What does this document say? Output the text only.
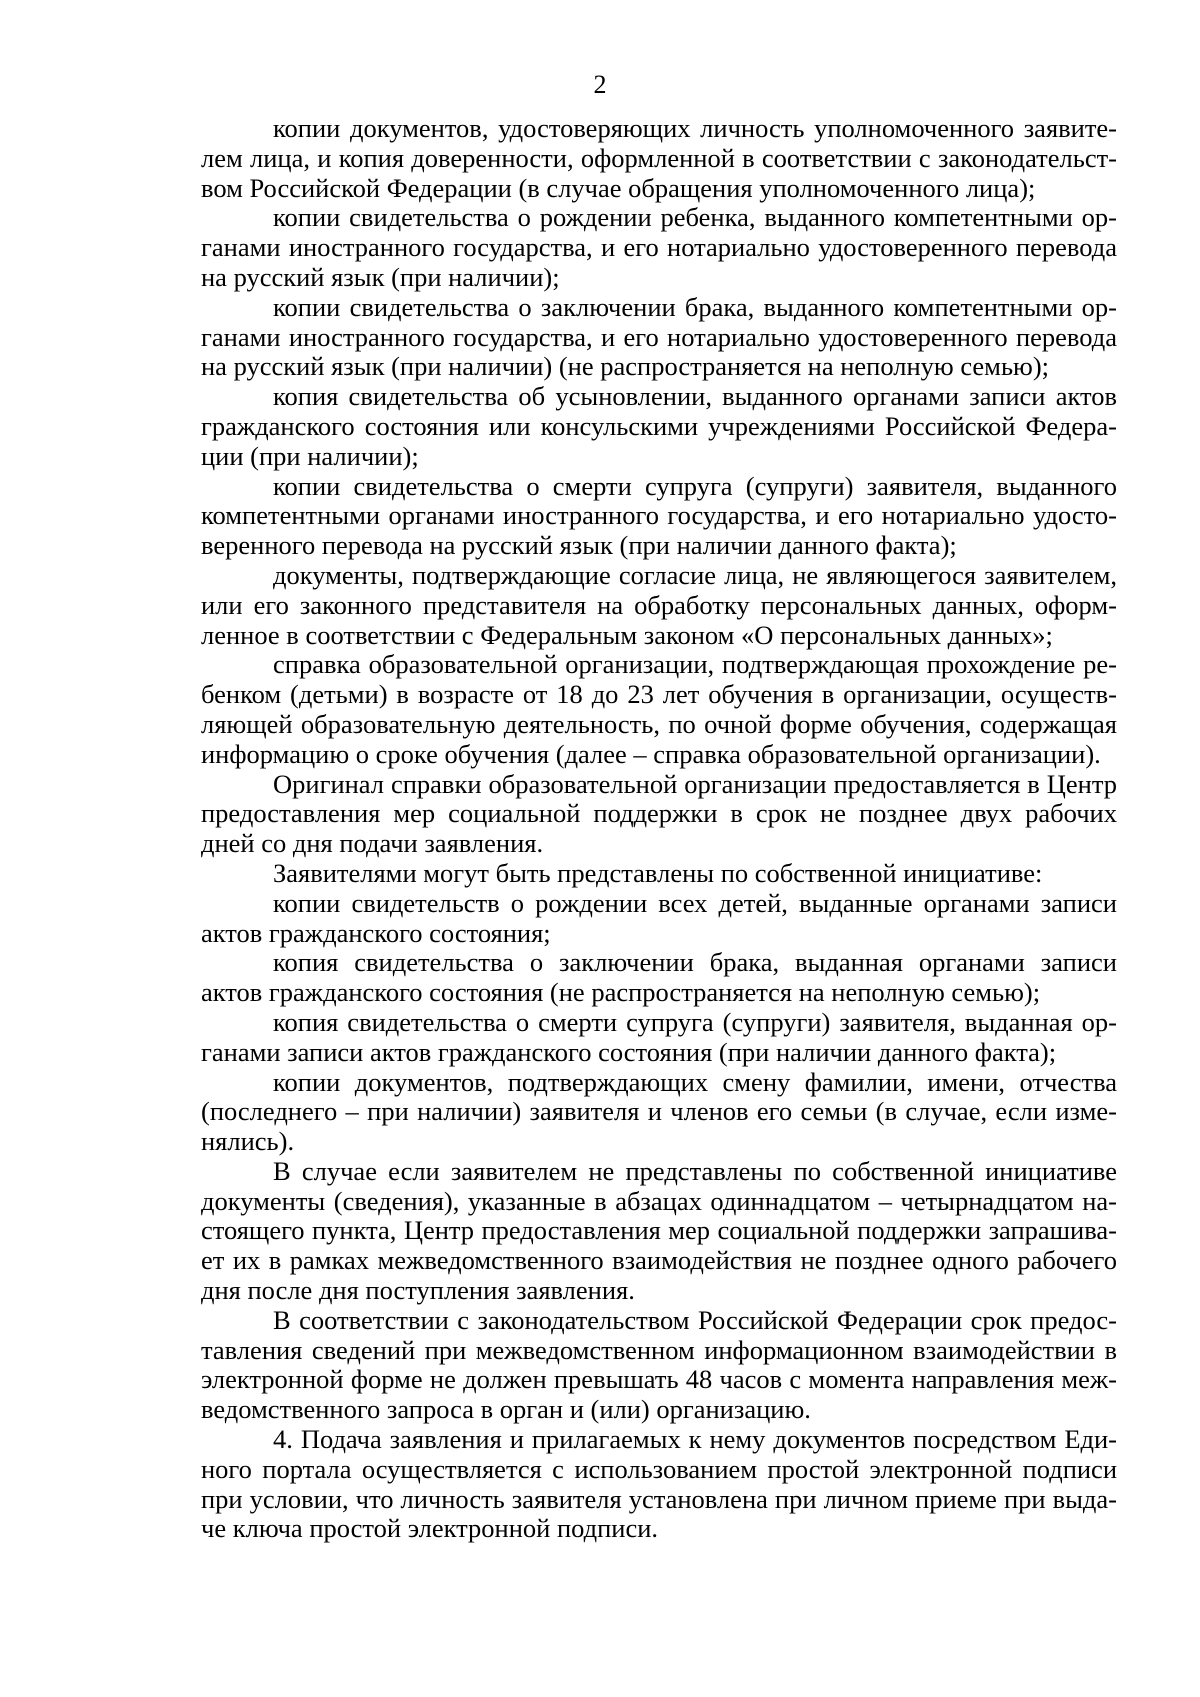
2

копии документов, удостоверяющих личность уполномоченного заявителем лица, и копия доверенности, оформленной в соответствии с законодательством Российской Федерации (в случае обращения уполномоченного лица);

копии свидетельства о рождении ребенка, выданного компетентными органами иностранного государства, и его нотариально удостоверенного перевода на русский язык (при наличии);

копии свидетельства о заключении брака, выданного компетентными органами иностранного государства, и его нотариально удостоверенного перевода на русский язык (при наличии) (не распространяется на неполную семью);

копия свидетельства об усыновлении, выданного органами записи актов гражданского состояния или консульскими учреждениями Российской Федерации (при наличии);

копии свидетельства о смерти супруга (супруги) заявителя, выданного компетентными органами иностранного государства, и его нотариально удостоверенного перевода на русский язык (при наличии данного факта);

документы, подтверждающие согласие лица, не являющегося заявителем, или его законного представителя на обработку персональных данных, оформленное в соответствии с Федеральным законом «О персональных данных»;

справка образовательной организации, подтверждающая прохождение ребенком (детьми) в возрасте от 18 до 23 лет обучения в организации, осуществляющей образовательную деятельность, по очной форме обучения, содержащая информацию о сроке обучения (далее – справка образовательной организации).

Оригинал справки образовательной организации предоставляется в Центр предоставления мер социальной поддержки в срок не позднее двух рабочих дней со дня подачи заявления.

Заявителями могут быть представлены по собственной инициативе:

копии свидетельств о рождении всех детей, выданные органами записи актов гражданского состояния;

копия свидетельства о заключении брака, выданная органами записи актов гражданского состояния (не распространяется на неполную семью);

копия свидетельства о смерти супруга (супруги) заявителя, выданная органами записи актов гражданского состояния (при наличии данного факта);

копии документов, подтверждающих смену фамилии, имени, отчества (последнего – при наличии) заявителя и членов его семьи (в случае, если изменялись).

В случае если заявителем не представлены по собственной инициативе документы (сведения), указанные в абзацах одиннадцатом – четырнадцатом настоящего пункта, Центр предоставления мер социальной поддержки запрашивает их в рамках межведомственного взаимодействия не позднее одного рабочего дня после дня поступления заявления.

В соответствии с законодательством Российской Федерации срок предоставления сведений при межведомственном информационном взаимодействии в электронной форме не должен превышать 48 часов с момента направления межведомственного запроса в орган и (или) организацию.

4. Подача заявления и прилагаемых к нему документов посредством Единого портала осуществляется с использованием простой электронной подписи при условии, что личность заявителя установлена при личном приеме при выдаче ключа простой электронной подписи.
